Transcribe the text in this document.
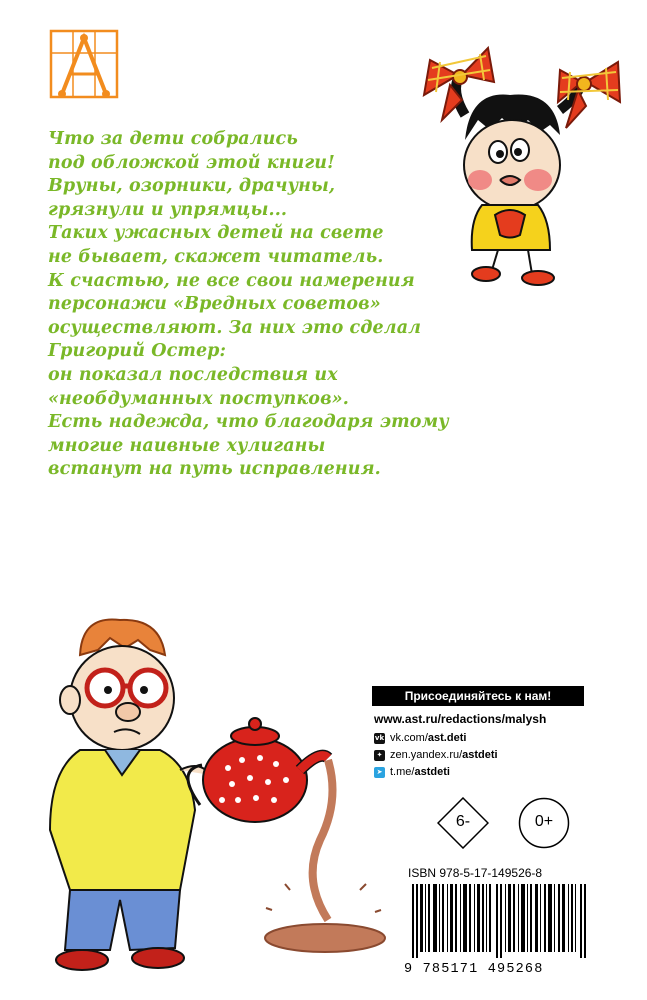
Что за дети собрались
под обложкой этой книги!
Вруны, озорники, драчуны,
грязнули и упрямцы...
Таких ужасных детей на свете
не бывает, скажет читатель.
К счастью, не все свои намерения
персонажи «Вредных советов»
осуществляют. За них это сделал
Григорий Остер:
он показал последствия их
«необдуманных поступков».
Есть надежда, что благодаря этому
многие наивные хулиганы
встанут на путь исправления.
Присоединяйтесь к нам!
www.ast.ru/redactions/malysh
vk vk.com/ ast.deti
✦ zen.yandex.ru/ astdeti
➤ t.me/ astdeti
6-	0+
ISBN 978-5-17-149526-8
9 785171 495268
